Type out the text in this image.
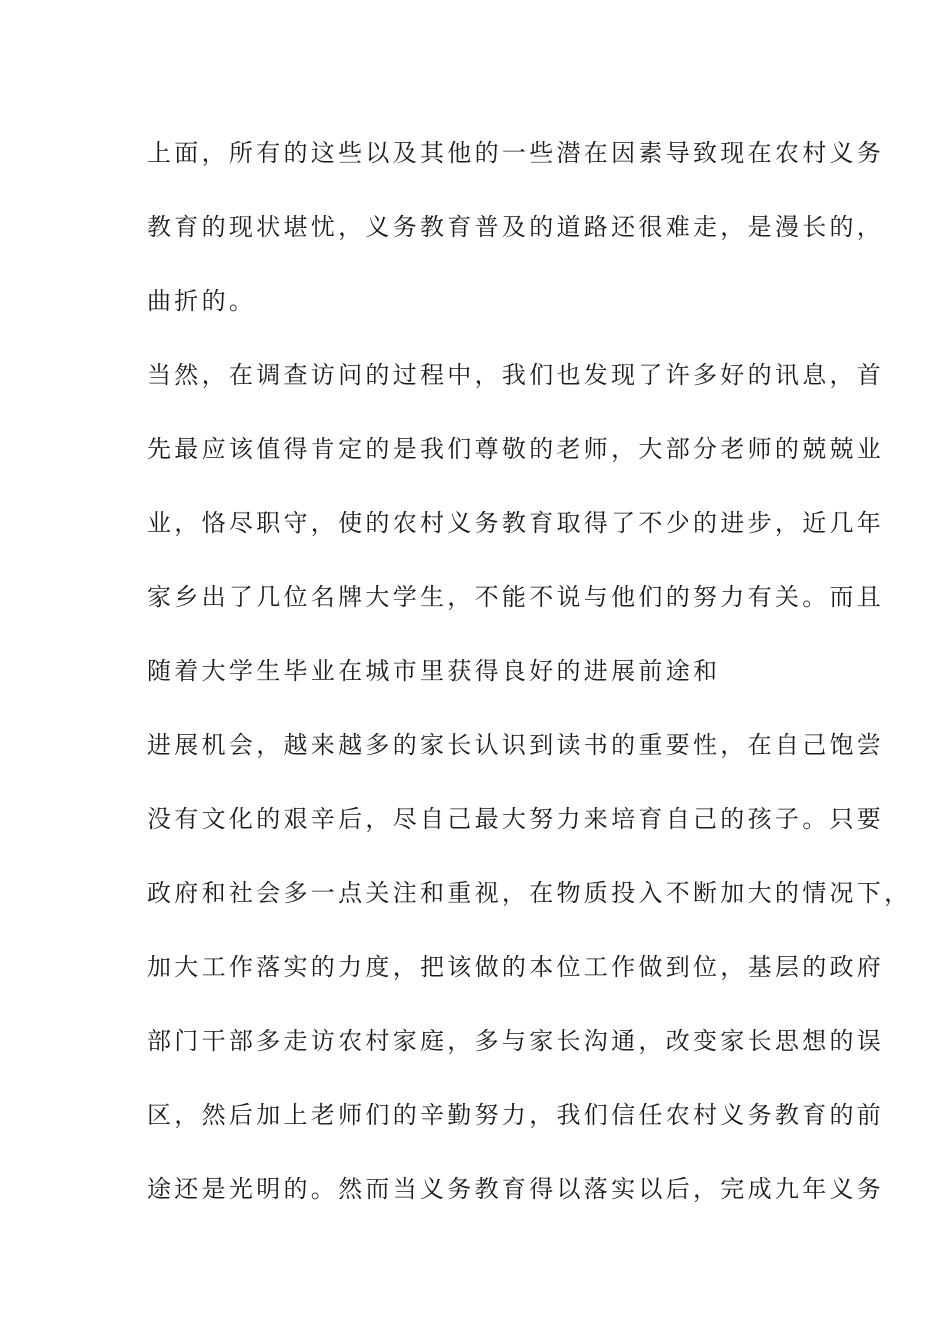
上面，所有的这些以及其他的一些潜在因素导致现在农村义务
教育的现状堪忧，义务教育普及的道路还很难走，是漫长的，
曲折的。
当然，在调查访问的过程中，我们也发现了许多好的讯息，首
先最应该值得肯定的是我们尊敬的老师，大部分老师的兢兢业
业，恪尽职守，使的农村义务教育取得了不少的进步，近几年
家乡出了几位名牌大学生，不能不说与他们的努力有关。而且
随着大学生毕业在城市里获得良好的进展前途和
进展机会，越来越多的家长认识到读书的重要性，在自己饱尝
没有文化的艰辛后，尽自己最大努力来培育自己的孩子。只要
政府和社会多一点关注和重视，在物质投入不断加大的情况下，
加大工作落实的力度，把该做的本位工作做到位，基层的政府
部门干部多走访农村家庭，多与家长沟通，改变家长思想的误
区，然后加上老师们的辛勤努力，我们信任农村义务教育的前
途还是光明的。然而当义务教育得以落实以后，完成九年义务
